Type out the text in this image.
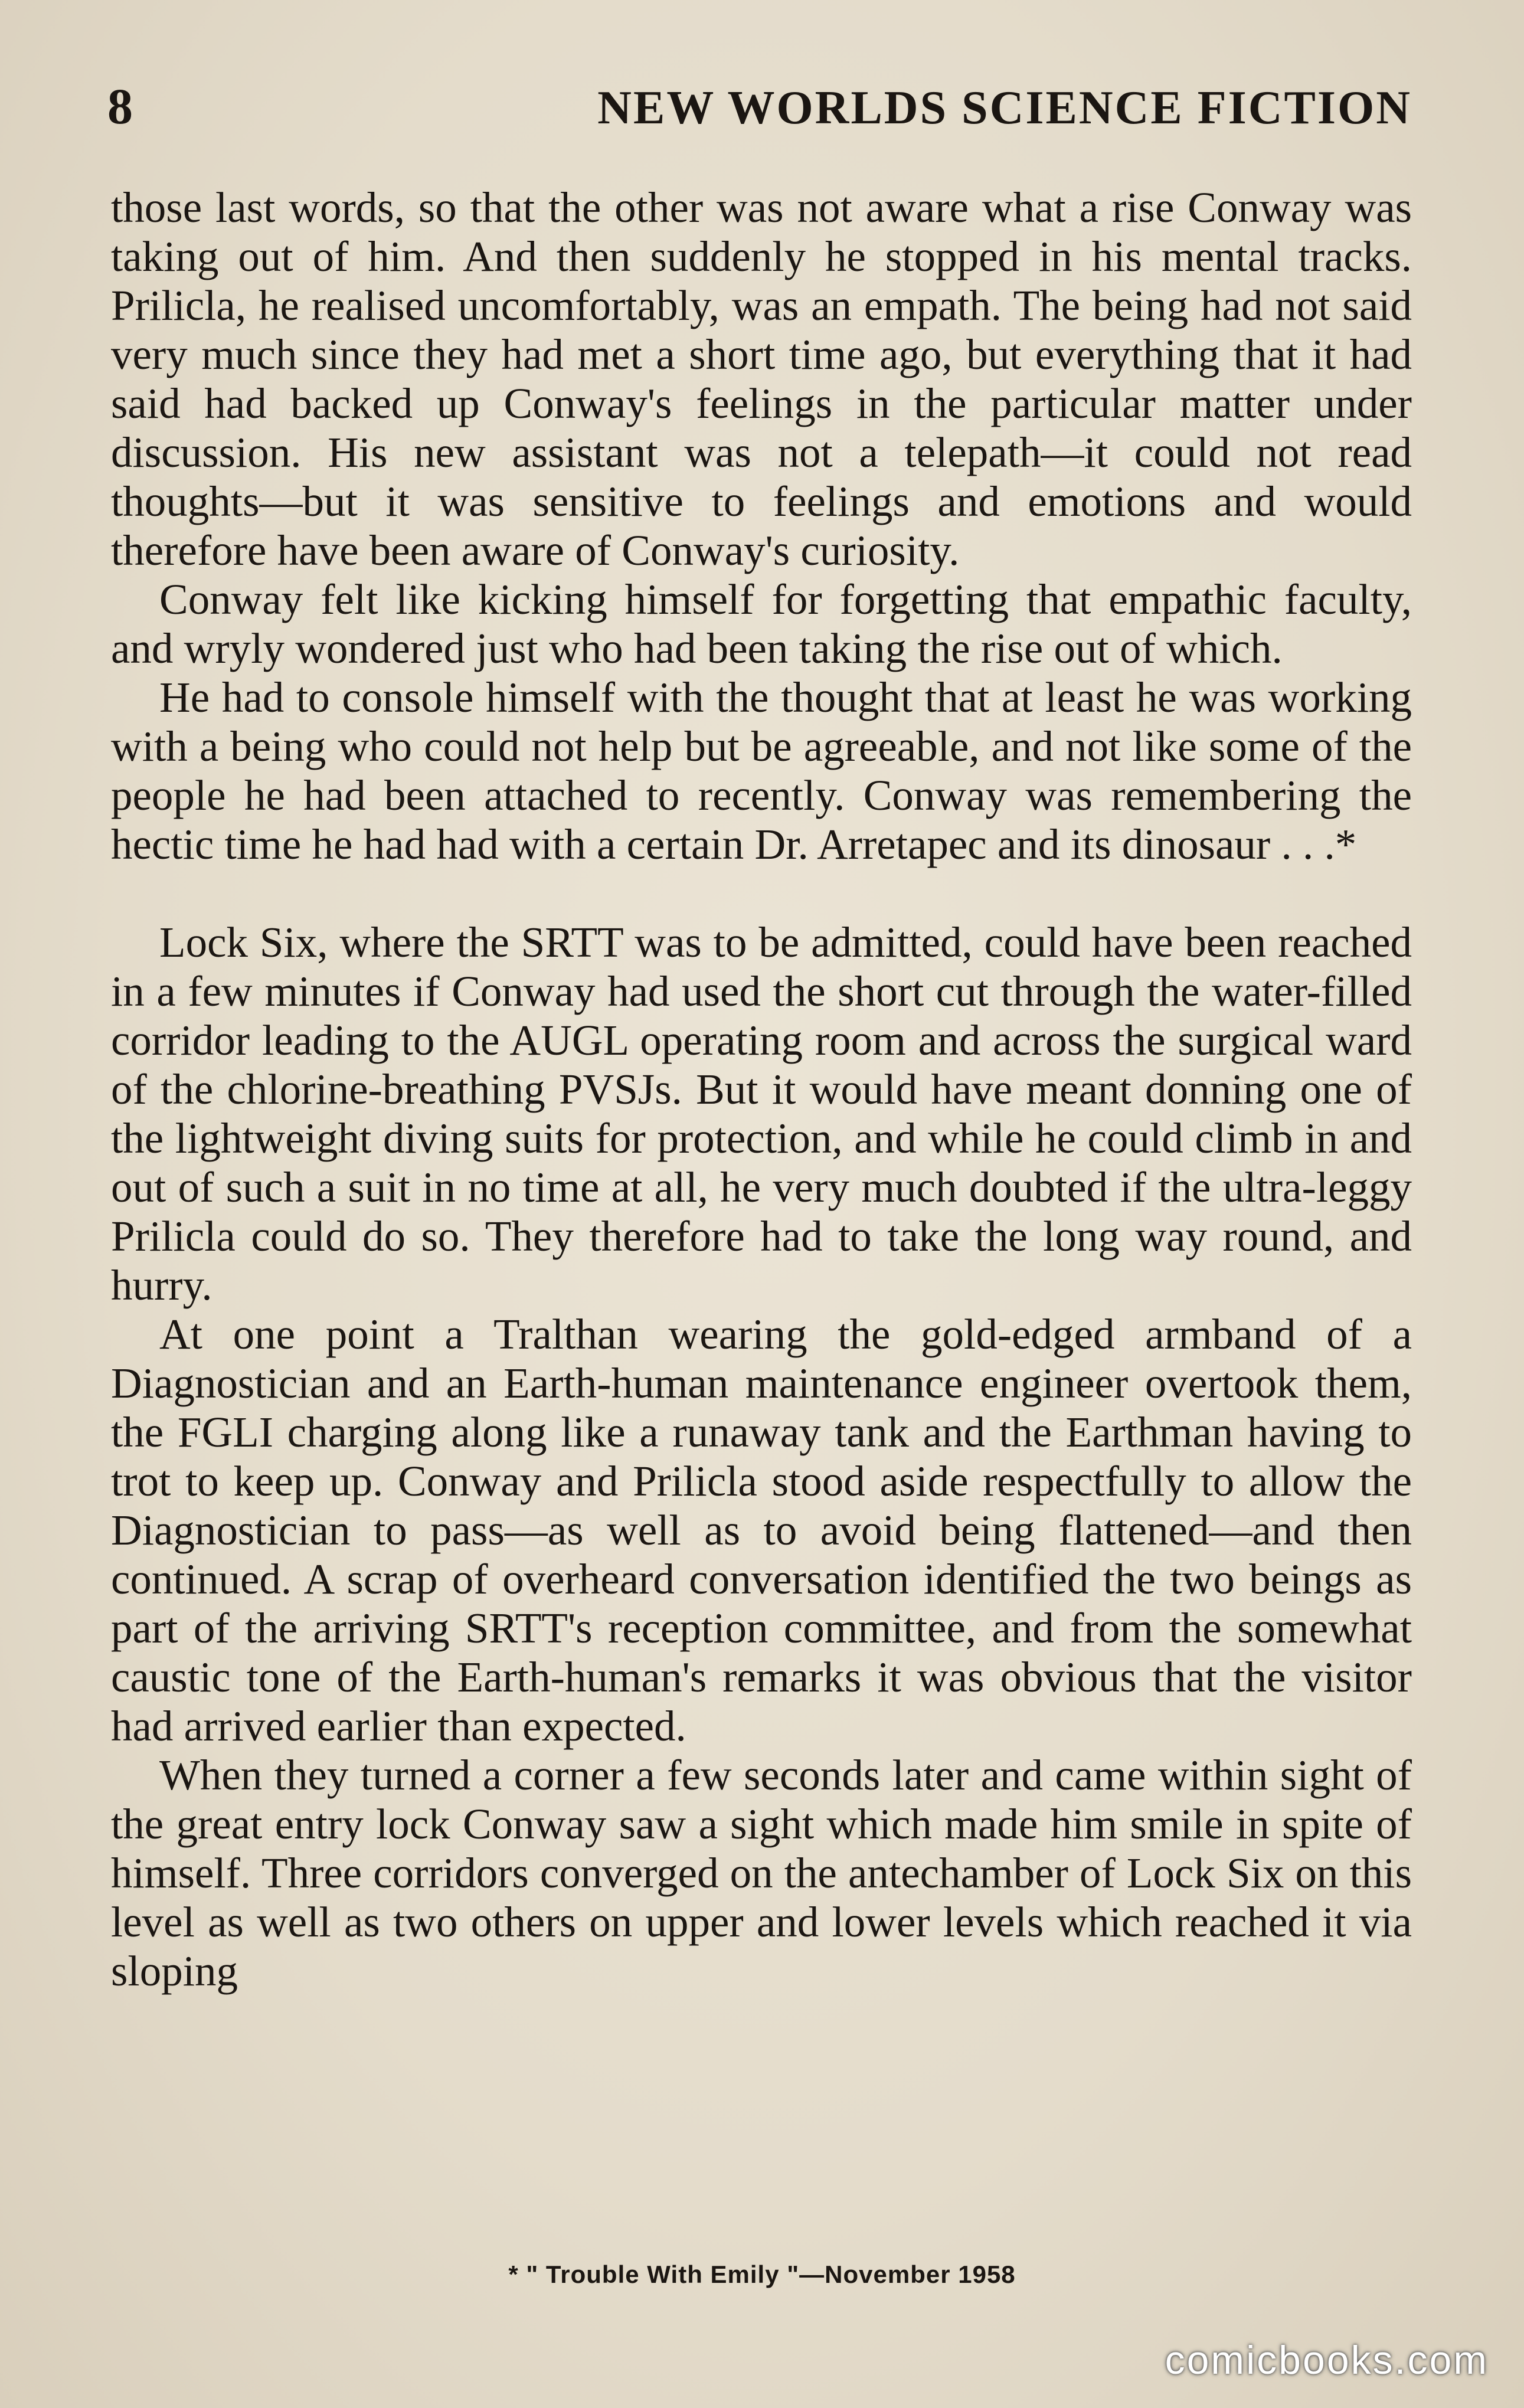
8	NEW WORLDS SCIENCE FICTION

those last words, so that the other was not aware what a rise Conway was taking out of him. And then suddenly he stopped in his mental tracks. Prilicla, he realised uncomfortably, was an empath. The being had not said very much since they had met a short time ago, but everything that it had said had backed up Conway's feelings in the particular matter under discussion. His new assistant was not a telepath—it could not read thoughts—but it was sensitive to feelings and emotions and would therefore have been aware of Conway's curiosity.

Conway felt like kicking himself for forgetting that empathic faculty, and wryly wondered just who had been taking the rise out of which.

He had to console himself with the thought that at least he was working with a being who could not help but be agreeable, and not like some of the people he had been attached to recently. Conway was remembering the hectic time he had had with a certain Dr. Arretapec and its dinosaur . . .*

Lock Six, where the SRTT was to be admitted, could have been reached in a few minutes if Conway had used the short cut through the water-filled corridor leading to the AUGL operating room and across the surgical ward of the chlorine-breathing PVSJs. But it would have meant donning one of the lightweight diving suits for protection, and while he could climb in and out of such a suit in no time at all, he very much doubted if the ultra-leggy Prilicla could do so. They therefore had to take the long way round, and hurry.

At one point a Tralthan wearing the gold-edged armband of a Diagnostician and an Earth-human maintenance engineer overtook them, the FGLI charging along like a runaway tank and the Earthman having to trot to keep up. Conway and Prilicla stood aside respectfully to allow the Diagnostician to pass—as well as to avoid being flattened—and then continued. A scrap of overheard conversation identified the two beings as part of the arriving SRTT's reception committee, and from the somewhat caustic tone of the Earth-human's remarks it was obvious that the visitor had arrived earlier than expected.

When they turned a corner a few seconds later and came within sight of the great entry lock Conway saw a sight which made him smile in spite of himself. Three corridors converged on the antechamber of Lock Six on this level as well as two others on upper and lower levels which reached it via sloping

* " Trouble With Emily "—November 1958
comicbooks.com
